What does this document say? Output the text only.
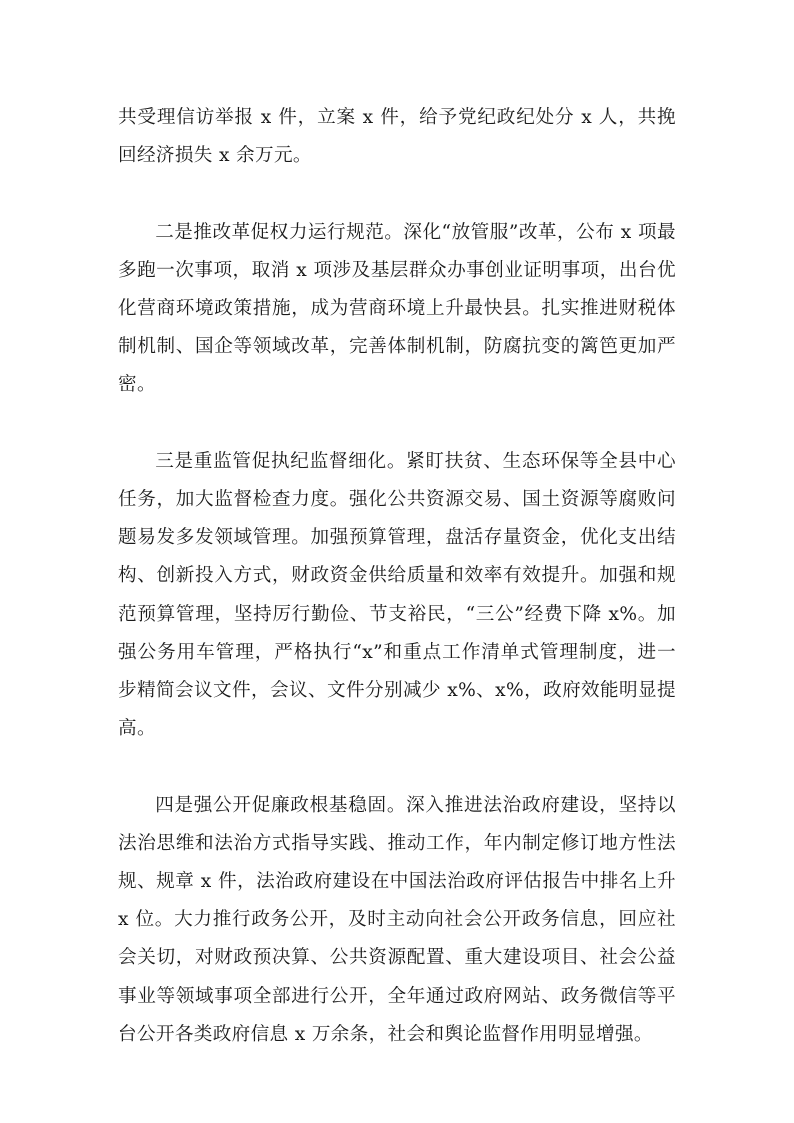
共受理信访举报 x 件，立案 x 件，给予党纪政纪处分 x 人，共挽回经济损失 x 余万元。

二是推改革促权力运行规范。深化“放管服”改革，公布 x 项最多跑一次事项，取消 x 项涉及基层群众办事创业证明事项，出台优化营商环境政策措施，成为营商环境上升最快县。扎实推进财税体制机制、国企等领域改革，完善体制机制，防腐抗变的篱笆更加严密。

三是重监管促执纪监督细化。紧盯扶贫、生态环保等全县中心任务，加大监督检查力度。强化公共资源交易、国土资源等腐败问题易发多发领域管理。加强预算管理，盘活存量资金，优化支出结构、创新投入方式，财政资金供给质量和效率有效提升。加强和规范预算管理，坚持厉行勤俭、节支裕民，“三公”经费下降 x%。加强公务用车管理，严格执行“x”和重点工作清单式管理制度，进一步精简会议文件，会议、文件分别减少 x%、x%，政府效能明显提高。

四是强公开促廉政根基稳固。深入推进法治政府建设，坚持以法治思维和法治方式指导实践、推动工作，年内制定修订地方性法规、规章 x 件，法治政府建设在中国法治政府评估报告中排名上升 x 位。大力推行政务公开，及时主动向社会公开政务信息，回应社会关切，对财政预决算、公共资源配置、重大建设项目、社会公益事业等领域事项全部进行公开，全年通过政府网站、政务微信等平台公开各类政府信息 x 万余条，社会和舆论监督作用明显增强。
